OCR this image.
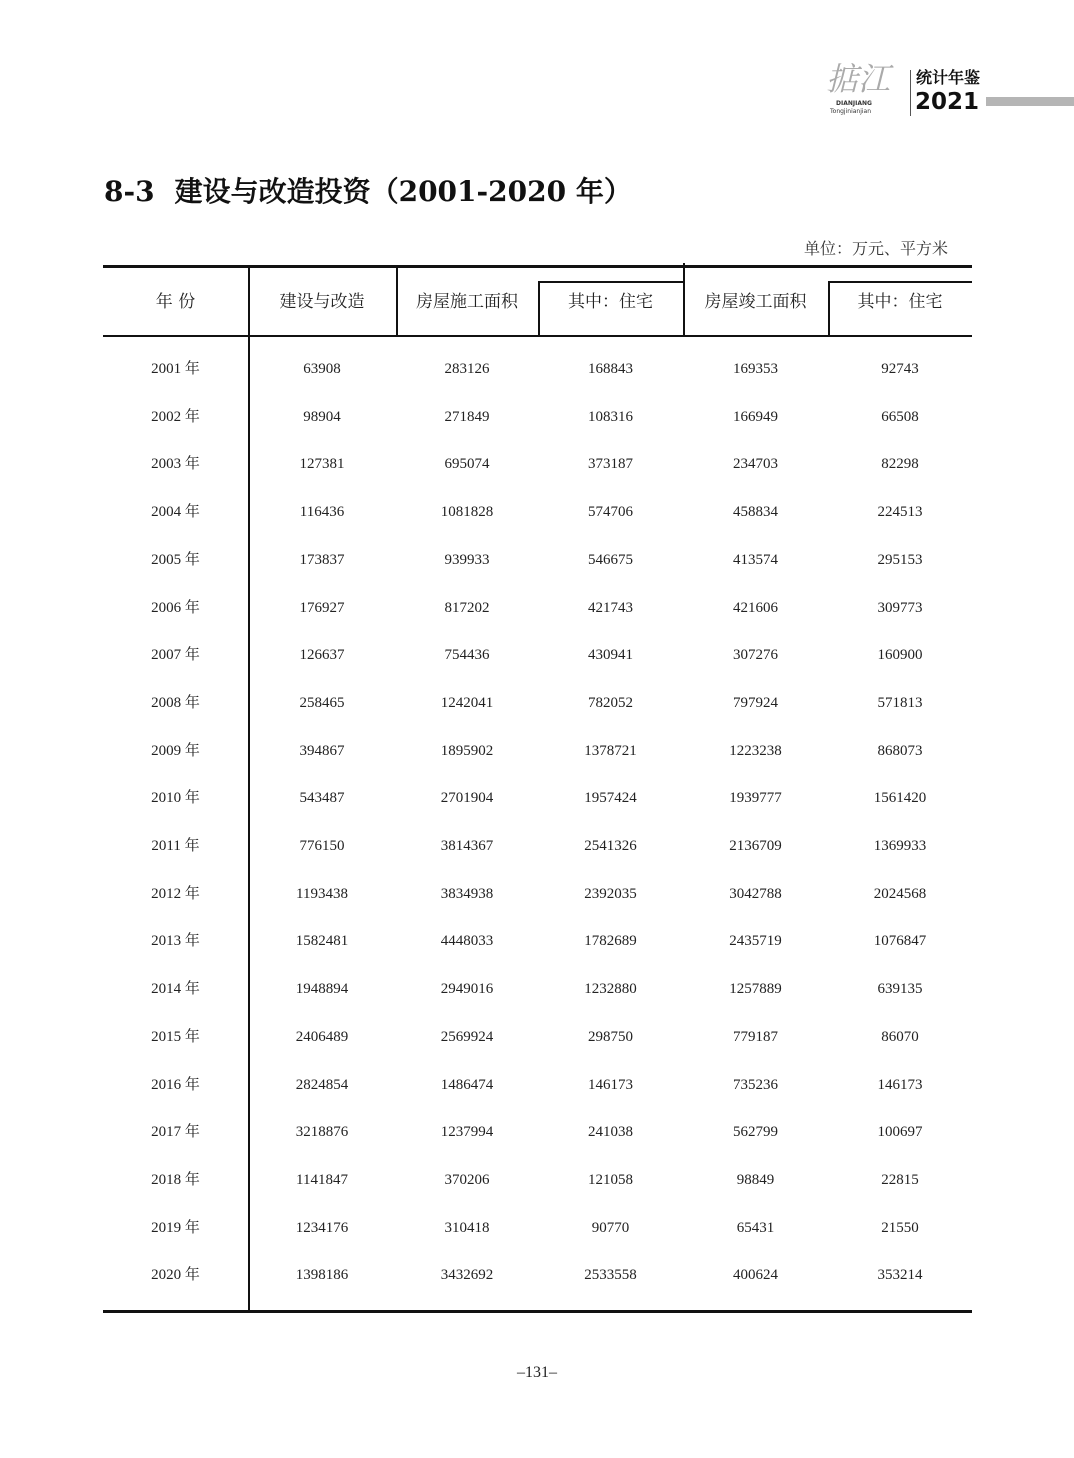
掂江
DIANJIANG
Tongjinianjian
统计年鉴
2021
8-3 建设与改造投资（2001-2020 年）
单位：万元、平方米
年 份	建设与改造	房屋施工面积	其中：住宅	房屋竣工面积	其中：住宅
2001 年	63908	283126	168843	169353	92743
2002 年	98904	271849	108316	166949	66508
2003 年	127381	695074	373187	234703	82298
2004 年	116436	1081828	574706	458834	224513
2005 年	173837	939933	546675	413574	295153
2006 年	176927	817202	421743	421606	309773
2007 年	126637	754436	430941	307276	160900
2008 年	258465	1242041	782052	797924	571813
2009 年	394867	1895902	1378721	1223238	868073
2010 年	543487	2701904	1957424	1939777	1561420
2011 年	776150	3814367	2541326	2136709	1369933
2012 年	1193438	3834938	2392035	3042788	2024568
2013 年	1582481	4448033	1782689	2435719	1076847
2014 年	1948894	2949016	1232880	1257889	639135
2015 年	2406489	2569924	298750	779187	86070
2016 年	2824854	1486474	146173	735236	146173
2017 年	3218876	1237994	241038	562799	100697
2018 年	1141847	370206	121058	98849	22815
2019 年	1234176	310418	90770	65431	21550
2020 年	1398186	3432692	2533558	400624	353214
–131–
